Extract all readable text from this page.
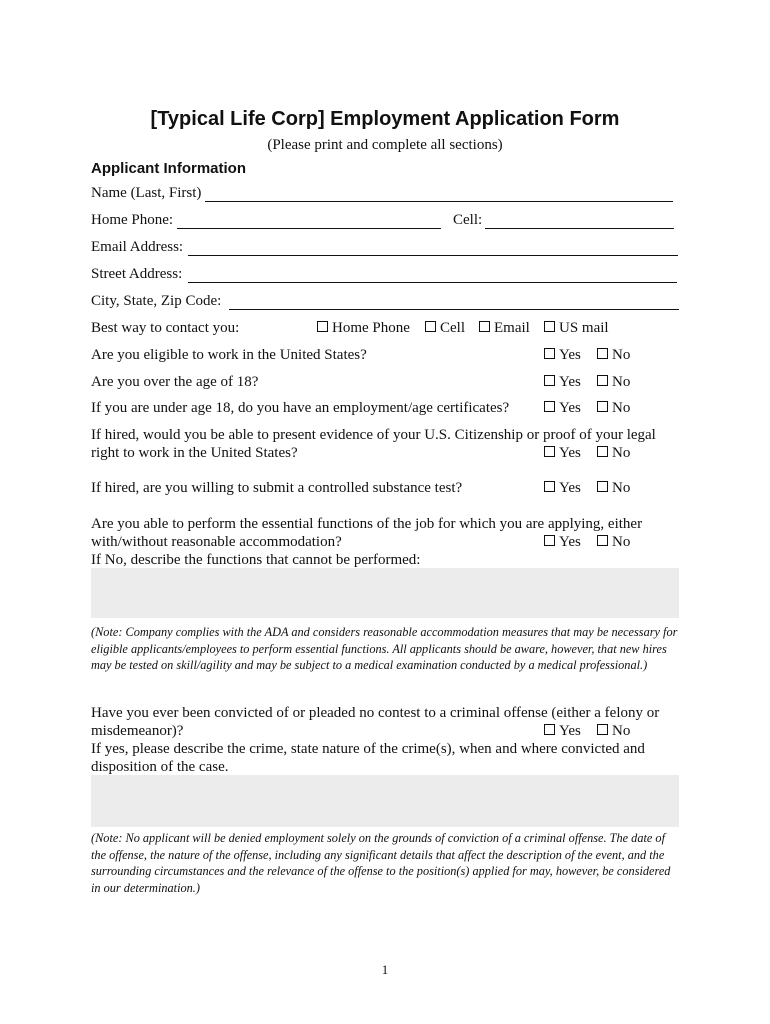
[Typical Life Corp] Employment Application Form
(Please print and complete all sections)
Applicant Information
Name (Last, First)
Home Phone:	Cell:
Email Address:
Street Address:
City, State, Zip Code:
Best way to contact you:	Home Phone	Cell	Email	US mail
Are you eligible to work in the United States?	Yes	No
Are you over the age of 18?	Yes	No
If you are under age 18, do you have an employment/age certificates?	Yes	No
If hired, would you be able to present evidence of your U.S. Citizenship or proof of your legal
right to work in the United States?	Yes	No
If hired, are you willing to submit a controlled substance test?	Yes	No
Are you able to perform the essential functions of the job for which you are applying, either
with/without reasonable accommodation?	Yes	No
If No, describe the functions that cannot be performed:
(Note: Company complies with the ADA and considers reasonable accommodation measures that may be necessary for eligible applicants/employees to perform essential functions. All applicants should be aware, however, that new hires may be tested on skill/agility and may be subject to a medical examination conducted by a medical professional.)
Have you ever been convicted of or pleaded no contest to a criminal offense (either a felony or
misdemeanor)?	Yes	No
If yes, please describe the crime, state nature of the crime(s), when and where convicted and
disposition of the case.
(Note: No applicant will be denied employment solely on the grounds of conviction of a criminal offense. The date of the offense, the nature of the offense, including any significant details that affect the description of the event, and the surrounding circumstances and the relevance of the offense to the position(s) applied for may, however, be considered in our determination.)
1
